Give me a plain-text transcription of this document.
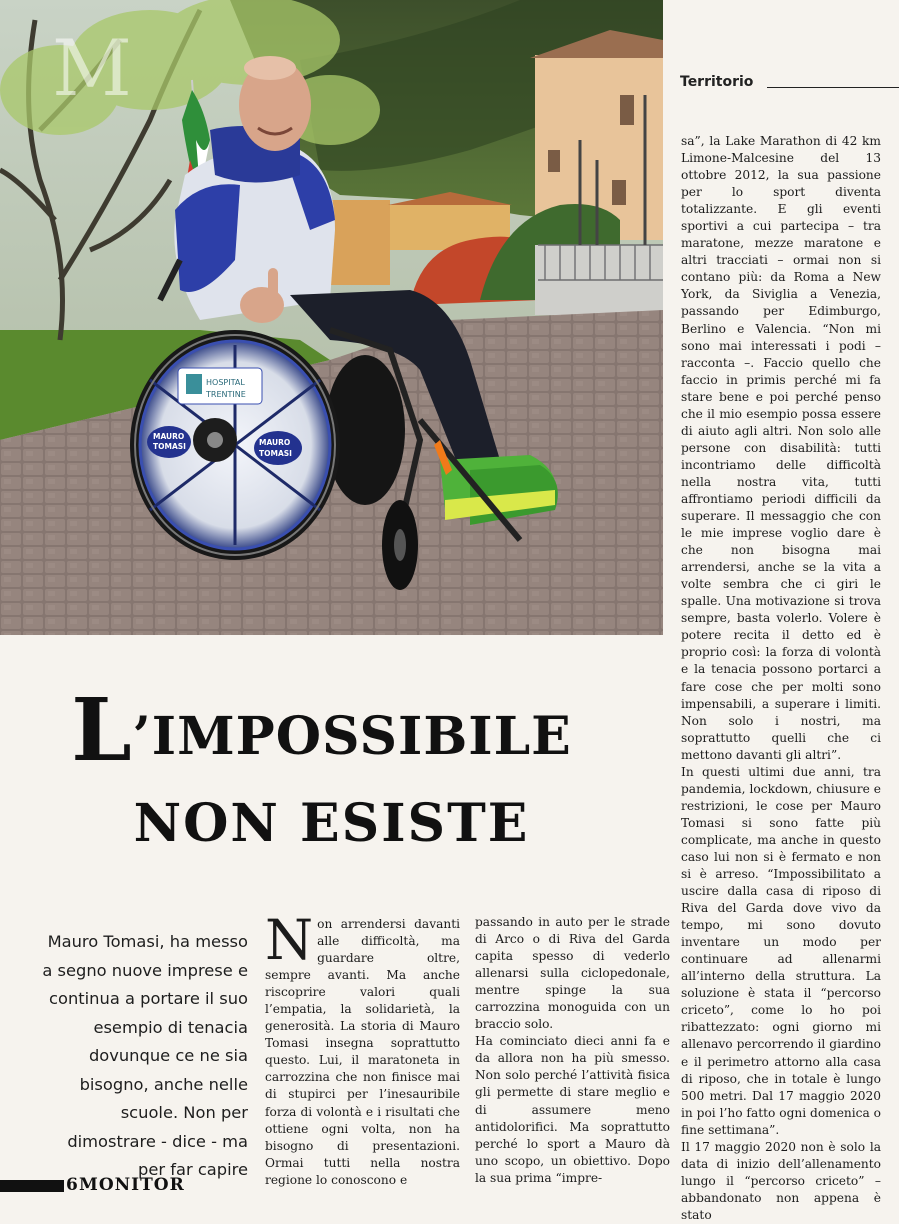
HOSPITAL
TRENTINE
MAURO
TOMASI	MAURO
TOMASI
M	Territorio

sa”, la Lake Marathon di 42 km Limone-Malcesine del 13 ottobre 2012, la sua passione per lo sport diventa totalizzante. E gli eventi sportivi a cui partecipa – tra maratone, mezze maratone e altri tracciati – ormai non si contano più: da Roma a New York, da Siviglia a Venezia, passando per Edimburgo, Berlino e Valencia. “Non mi sono mai interessati i podi – racconta –. Faccio quello che faccio in primis perché mi fa stare bene e poi perché penso che il mio esempio possa essere di aiuto agli altri. Non solo alle persone con disabilità: tutti incontriamo delle difficoltà nella nostra vita, tutti affrontiamo periodi difficili da superare. Il messaggio che con le mie imprese voglio dare è che non bisogna mai arrendersi, anche se la vita a volte sembra che ci giri le spalle. Una motivazione si trova sempre, basta volerlo. Volere è potere recita il detto ed è proprio così: la forza di volontà e la tenacia possono portarci a fare cose che per molti sono impensabili, a superare i limiti. Non solo i nostri, ma soprattutto quelli che ci mettono davanti gli altri”.

In questi ultimi due anni, tra pandemia, lockdown, chiusure e restrizioni, le cose per Mauro Tomasi si sono fatte più complicate, ma anche in questo caso lui non si è fermato e non si è arreso. “Impossibilitato a uscire dalla casa di riposo di Riva del Garda dove vivo da tempo, mi sono dovuto inventare un modo per continuare ad allenarmi all’interno della struttura. La soluzione è stata il “percorso criceto”, come lo ho poi ribattezzato: ogni giorno mi allenavo percorrendo il giardino e il perimetro attorno alla casa di riposo, che in totale è lungo 500 metri. Dal 17 maggio 2020 in poi l’ho fatto ogni domenica o fine settimana”.

Il 17 maggio 2020 non è solo la data di inizio dell’allenamento lungo il “percorso criceto” – abbandonato non appena è stato

L’IMPOSSIBILE
NON ESISTE
Mauro Tomasi, ha messo a segno nuove imprese e continua a portare il suo esempio di tenacia dovunque ce ne sia bisogno, anche nelle scuole. Non per dimostrare - dice - ma per far capire

Non arrendersi davanti alle difficoltà, ma guardare oltre, sempre avanti. Ma anche riscoprire valori quali l’empatia, la solidarietà, la generosità. La storia di Mauro Tomasi insegna soprattutto questo. Lui, il maratoneta in carrozzina che non finisce mai di stupirci per l’inesauribile forza di volontà e i risultati che ottiene ogni volta, non ha bisogno di presentazioni. Ormai tutti nella nostra regione lo conoscono e

passando in auto per le strade di Arco o di Riva del Garda capita spesso di vederlo allenarsi sulla ciclopedonale, mentre spinge la sua carrozzina monoguida con un braccio solo.

Ha cominciato dieci anni fa e da allora non ha più smesso. Non solo perché l’attività fisica gli permette di stare meglio e di assumere meno antidolorifici. Ma soprattutto perché lo sport a Mauro dà uno scopo, un obiettivo. Dopo la sua prima “impre-

6 MONITOR
